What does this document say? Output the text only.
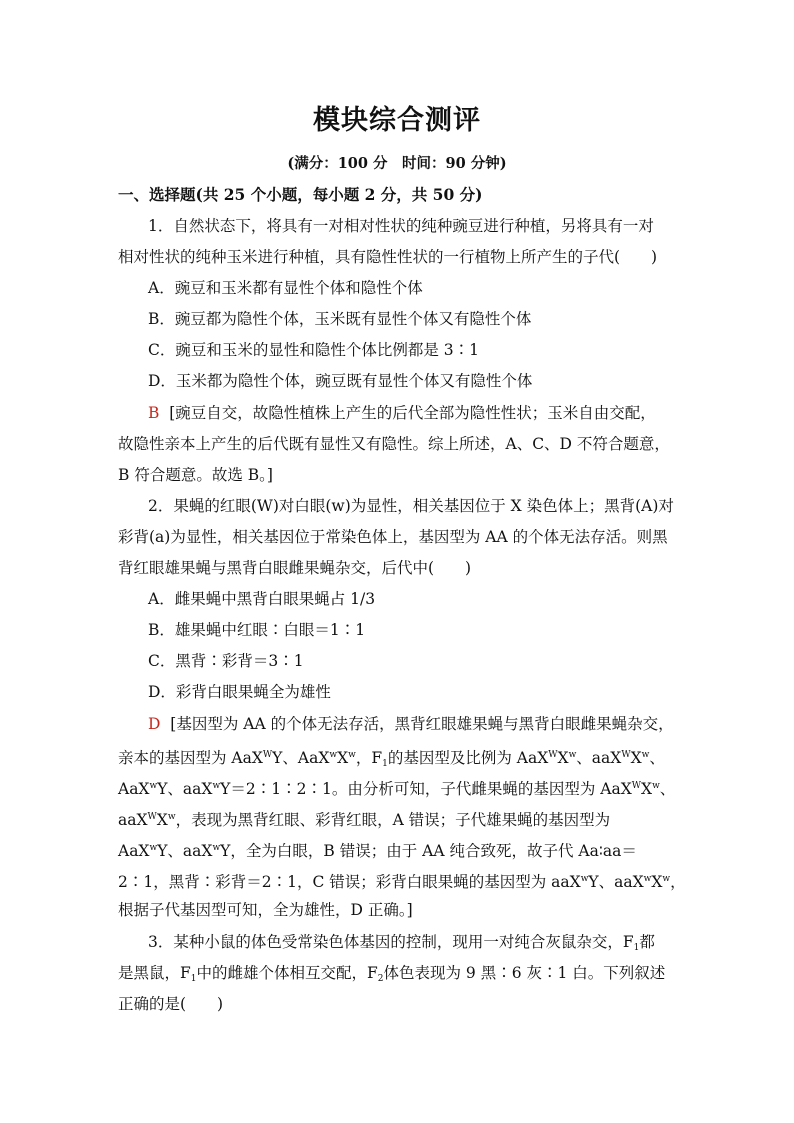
模块综合测评
(满分：100 分　时间：90 分钟)
一、选择题(共 25 个小题，每小题 2 分，共 50 分)
1．自然状态下，将具有一对相对性状的纯种豌豆进行种植，另将具有一对
相对性状的纯种玉米进行种植，具有隐性性状的一行植物上所产生的子代(　　)
A．豌豆和玉米都有显性个体和隐性个体
B．豌豆都为隐性个体，玉米既有显性个体又有隐性个体
C．豌豆和玉米的显性和隐性个体比例都是 3∶1
D．玉米都为隐性个体，豌豆既有显性个体又有隐性个体
B [豌豆自交，故隐性植株上产生的后代全部为隐性性状；玉米自由交配，
故隐性亲本上产生的后代既有显性又有隐性。综上所述，A、C、D 不符合题意，
B 符合题意。故选 B。]
2．果蝇的红眼(W)对白眼(w)为显性，相关基因位于 X 染色体上；黑背(A)对
彩背(a)为显性，相关基因位于常染色体上，基因型为 AA 的个体无法存活。则黑
背红眼雄果蝇与黑背白眼雌果蝇杂交，后代中(　　)
A．雌果蝇中黑背白眼果蝇占 1/3
B．雄果蝇中红眼∶白眼＝1∶1
C．黑背∶彩背＝3∶1
D．彩背白眼果蝇全为雄性
D [基因型为 AA 的个体无法存活，黑背红眼雄果蝇与黑背白眼雌果蝇杂交，
亲本的基因型为 AaX$^W$Y、$AaX^wX^w$，$F_1$的基因型及比例为 $AaX^WX^w$、$aaX^WX^w$、
AaX$^w$Y、aaX$^w$Y＝2∶1∶2∶1。由分析可知，子代雌果蝇的基因型为 $AaX^WX^w$、
$aaX^WX^w$，表现为黑背红眼、彩背红眼，A 错误；子代雄果蝇的基因型为
AaX$^w$Y、aaX$^w$Y，全为白眼，B 错误；由于 AA 纯合致死，故子代 Aa∶aa＝
2∶1，黑背∶彩背＝2∶1，C 错误；彩背白眼果蝇的基因型为 aaX$^w$Y、$aaX^wX^w$，
根据子代基因型可知，全为雄性，D 正确。]
3．某种小鼠的体色受常染色体基因的控制，现用一对纯合灰鼠杂交，$F_1$都
是黑鼠，$F_1$中的雌雄个体相互交配，$F_2$体色表现为 9 黑∶6 灰∶1 白。下列叙述
正确的是(　　)
